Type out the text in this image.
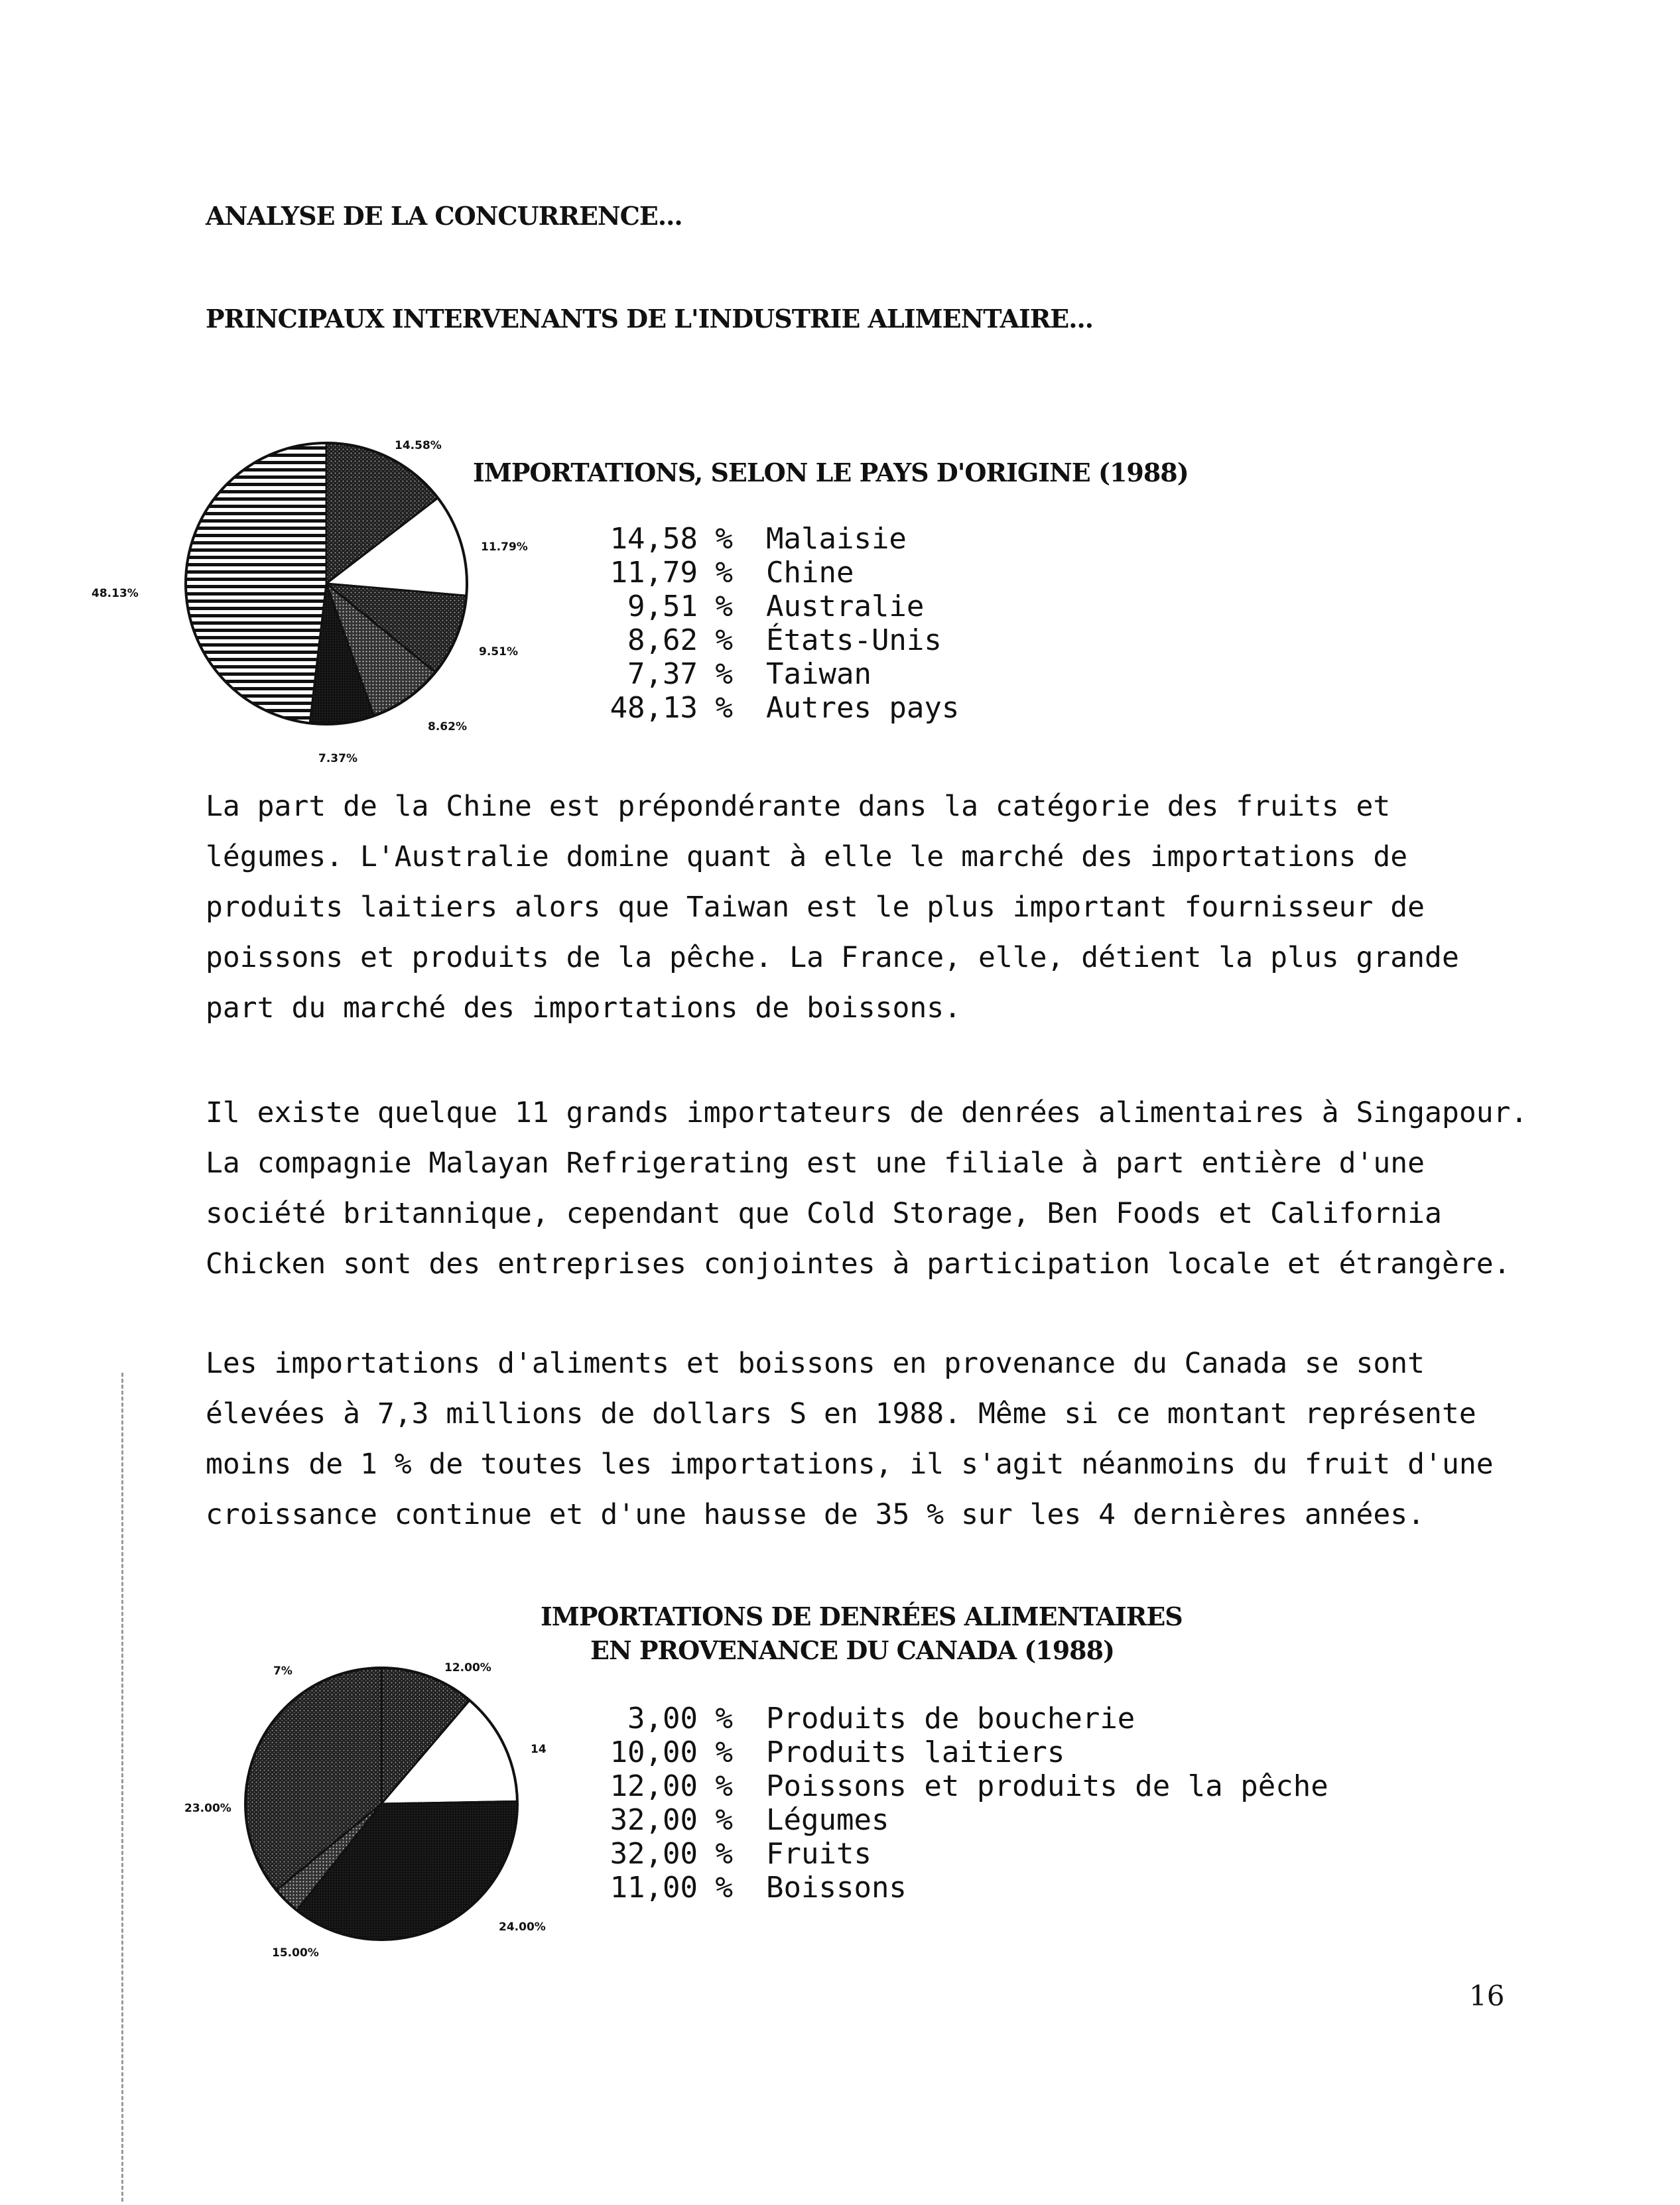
ANALYSE DE LA CONCURRENCE...
PRINCIPAUX INTERVENANTS DE L'INDUSTRIE ALIMENTAIRE...
14.58%
11.79%
9.51%
8.62%
7.37%
48.13%
IMPORTATIONS, SELON LE PAYS D'ORIGINE (1988)
14,58 % Malaisie
11,79 % Chine
9,51 % Australie
8,62 % États-Unis
7,37 % Taiwan
48,13 % Autres pays

La part de la Chine est prépondérante dans la catégorie des fruits et légumes. L'Australie domine quant à elle le marché des importations de produits laitiers alors que Taiwan est le plus important fournisseur de poissons et produits de la pêche. La France, elle, détient la plus grande part du marché des importations de boissons.

Il existe quelque 11 grands importateurs de denrées alimentaires à Singapour. La compagnie Malayan Refrigerating est une filiale à part entière d'une société britannique, cependant que Cold Storage, Ben Foods et California Chicken sont des entreprises conjointes à participation locale et étrangère.

Les importations d'aliments et boissons en provenance du Canada se sont élevées à 7,3 millions de dollars S en 1988. Même si ce montant représente moins de 1 % de toutes les importations, il s'agit néanmoins du fruit d'une croissance continue et d'une hausse de 35 % sur les 4 dernières années.

IMPORTATIONS DE DENRÉES ALIMENTAIRES
EN PROVENANCE DU CANADA (1988)
7%	12.00%
14
23.00%
15.00%
24.00%
3,00 % Produits de boucherie
10,00 % Produits laitiers
12,00 % Poissons et produits de la pêche
32,00 % Légumes
32,00 % Fruits
11,00 % Boissons
16
